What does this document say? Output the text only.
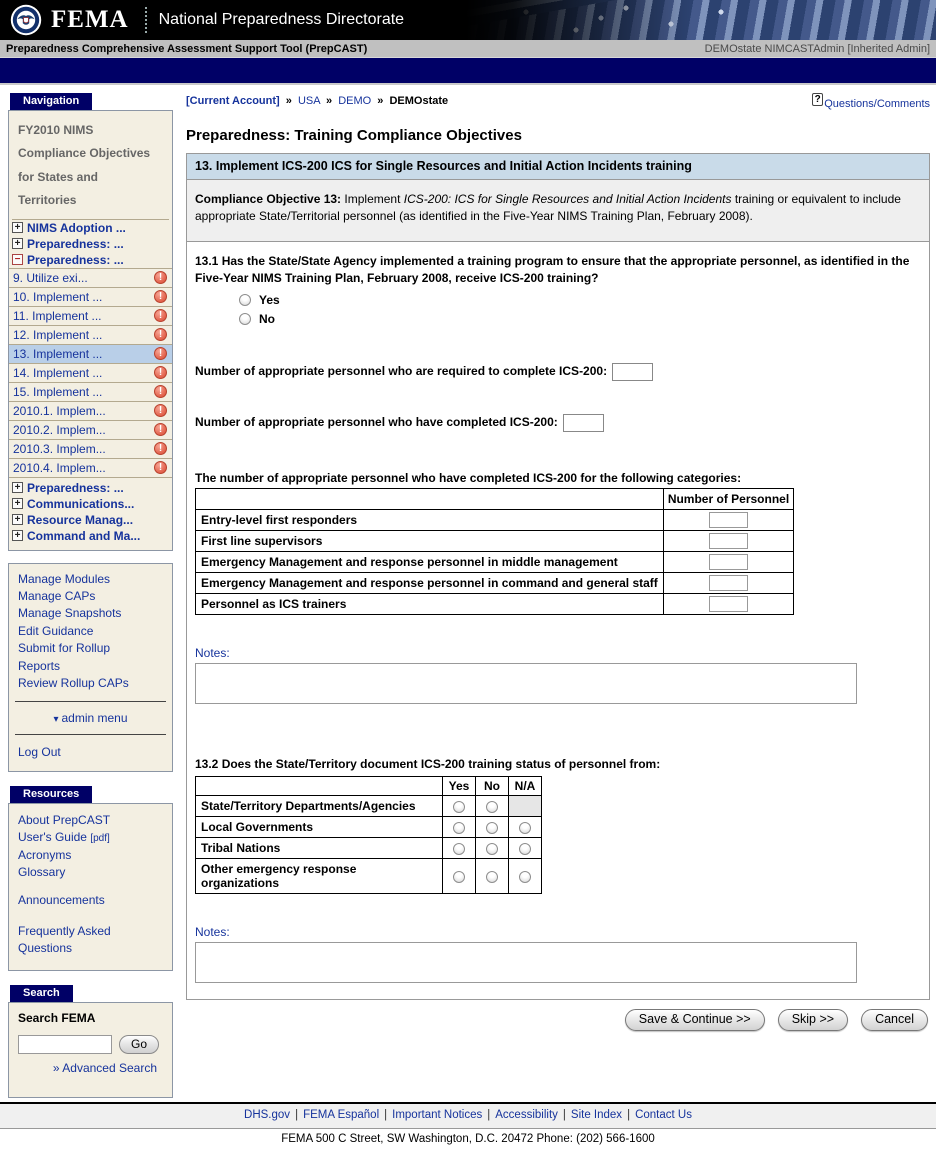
FEMA National Preparedness Directorate
Preparedness Comprehensive Assessment Support Tool (PrepCAST)	DEMOstate NIMCASTAdmin [Inherited Admin]
Navigation
FY2010 NIMS Compliance Objectives for States and Territories
+ NIMS Adoption ...
+ Preparedness: ...
− Preparedness: ...
9. Utilize exi...	!
10. Implement ...	!
11. Implement ...	!
12. Implement ...	!
13. Implement ...	!
14. Implement ...	!
15. Implement ...	!
2010.1. Implem...	!
2010.2. Implem...	!
2010.3. Implem...	!
2010.4. Implem...	!
+ Preparedness: ...
+ Communications...
+ Resource Manag...
+ Command and Ma...
Manage Modules
Manage CAPs
Manage Snapshots
Edit Guidance
Submit for Rollup
Reports
Review Rollup CAPs
▾ admin menu
Log Out
Resources
About PrepCAST
User's Guide [pdf]
Acronyms
Glossary
Announcements
Frequently Asked Questions
Search
Search FEMA
Go
» Advanced Search
[Current Account] » USA » DEMO » DEMOstate	? Questions/Comments
Preparedness: Training Compliance Objectives
13. Implement ICS-200 ICS for Single Resources and Initial Action Incidents training
Compliance Objective 13: Implement ICS-200: ICS for Single Resources and Initial Action Incidents training or equivalent to include appropriate State/Territorial personnel (as identified in the Five-Year NIMS Training Plan, February 2008).
13.1 Has the State/State Agency implemented a training program to ensure that the appropriate personnel, as identified in the Five-Year NIMS Training Plan, February 2008, receive ICS-200 training?
Yes
No
Number of appropriate personnel who are required to complete ICS-200:
Number of appropriate personnel who have completed ICS-200:
The number of appropriate personnel who have completed ICS-200 for the following categories:
	Number of Personnel
Entry-level first responders	
First line supervisors	
Emergency Management and response personnel in middle management	
Emergency Management and response personnel in command and general staff	
Personnel as ICS trainers	
Notes:
13.2 Does the State/Territory document ICS-200 training status of personnel from:
	Yes	No	N/A
State/Territory Departments/Agencies			
Local Governments			
Tribal Nations			
Other emergency response organizations			
Notes:
Save & Continue >>	Skip >>	Cancel
DHS.gov | FEMA Español | Important Notices | Accessibility | Site Index | Contact Us
FEMA 500 C Street, SW Washington, D.C. 20472 Phone: (202) 566-1600
